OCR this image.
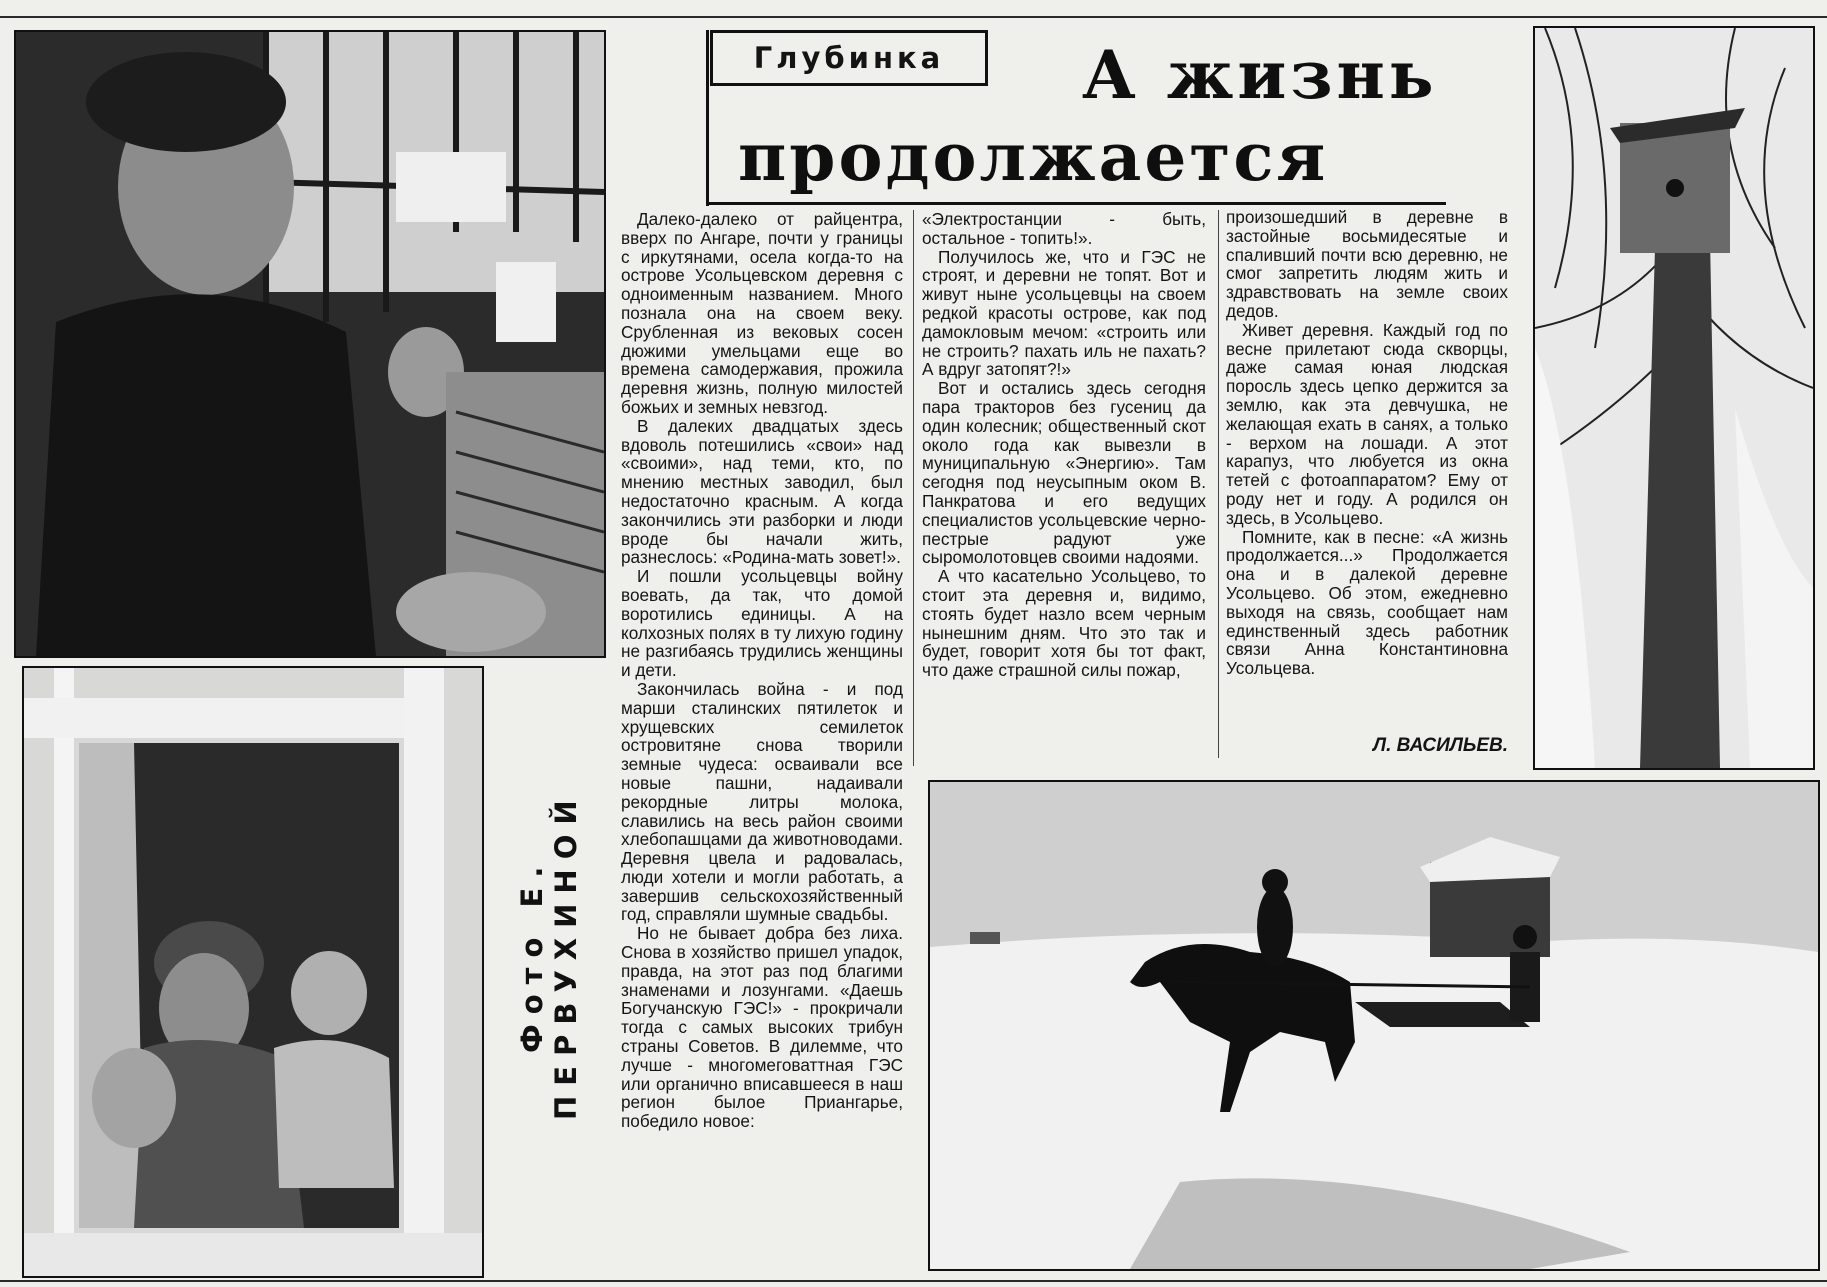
Фото Е. ПЕРВУХИНОЙ
Глубинка	А жизнь
продолжается

Далеко-далеко от райцентра, вверх по Ангаре, почти у границы с иркутянами, осела когда-то на острове Усольцевском деревня с одноименным названием. Много познала она на своем веку. Срубленная из вековых сосен дюжими умельцами еще во времена самодержавия, прожила деревня жизнь, полную милостей божьих и земных невзгод.

В далеких двадцатых здесь вдоволь потешились «свои» над «своими», над теми, кто, по мнению местных заводил, был недостаточно красным. А когда закончились эти разборки и люди вроде бы начали жить, разнеслось: «Родина-мать зовет!».

И пошли усольцевцы войну воевать, да так, что домой воротились единицы. А на колхозных полях в ту лихую годину не разгибаясь трудились женщины и дети.

Закончилась война - и под марши сталинских пятилеток и хрущевских семилеток островитяне снова творили земные чудеса: осваивали все новые пашни, надаивали рекордные литры молока, славились на весь район своими хлебопашцами да животноводами. Деревня цвела и радовалась, люди хотели и могли работать, а завершив сельскохозяйственный год, справляли шумные свадьбы.

Но не бывает добра без лиха. Снова в хозяйство пришел упадок, правда, на этот раз под благими знаменами и лозунгами. «Даешь Богучанскую ГЭС!» - прокричали тогда с самых высоких трибун страны Советов. В дилемме, что лучше - многомеговаттная ГЭС или органично вписавшееся в наш регион былое Приангарье, победило новое:

«Электростанции - быть, остальное - топить!».

Получилось же, что и ГЭС не строят, и деревни не топят. Вот и живут ныне усольцевцы на своем редкой красоты острове, как под дамокловым мечом: «строить или не строить? пахать иль не пахать? А вдруг затопят?!»

Вот и остались здесь сегодня пара тракторов без гусениц да один колесник; общественный скот около года как вывезли в муниципальную «Энергию». Там сегодня под неусыпным оком В. Панкратова и его ведущих специалистов усольцевские черно-пестрые радуют уже сыромолотовцев своими надоями.

А что касательно Усольцево, то стоит эта деревня и, видимо, стоять будет назло всем черным нынешним дням. Что это так и будет, говорит хотя бы тот факт, что даже страшной силы пожар,

произошедший в деревне в застойные восьмидесятые и спаливший почти всю деревню, не смог запретить людям жить и здравствовать на земле своих дедов.

Живет деревня. Каждый год по весне прилетают сюда скворцы, даже самая юная людская поросль здесь цепко держится за землю, как эта девчушка, не желающая ехать в санях, а только - верхом на лошади. А этот карапуз, что любуется из окна тетей с фотоаппаратом? Ему от роду нет и году. А родился он здесь, в Усольцево.

Помните, как в песне: «А жизнь продолжается...» Продолжается она и в далекой деревне Усольцево. Об этом, ежедневно выходя на связь, сообщает нам единственный здесь работник связи Анна Константиновна Усольцева.

Л. ВАСИЛЬЕВ.
